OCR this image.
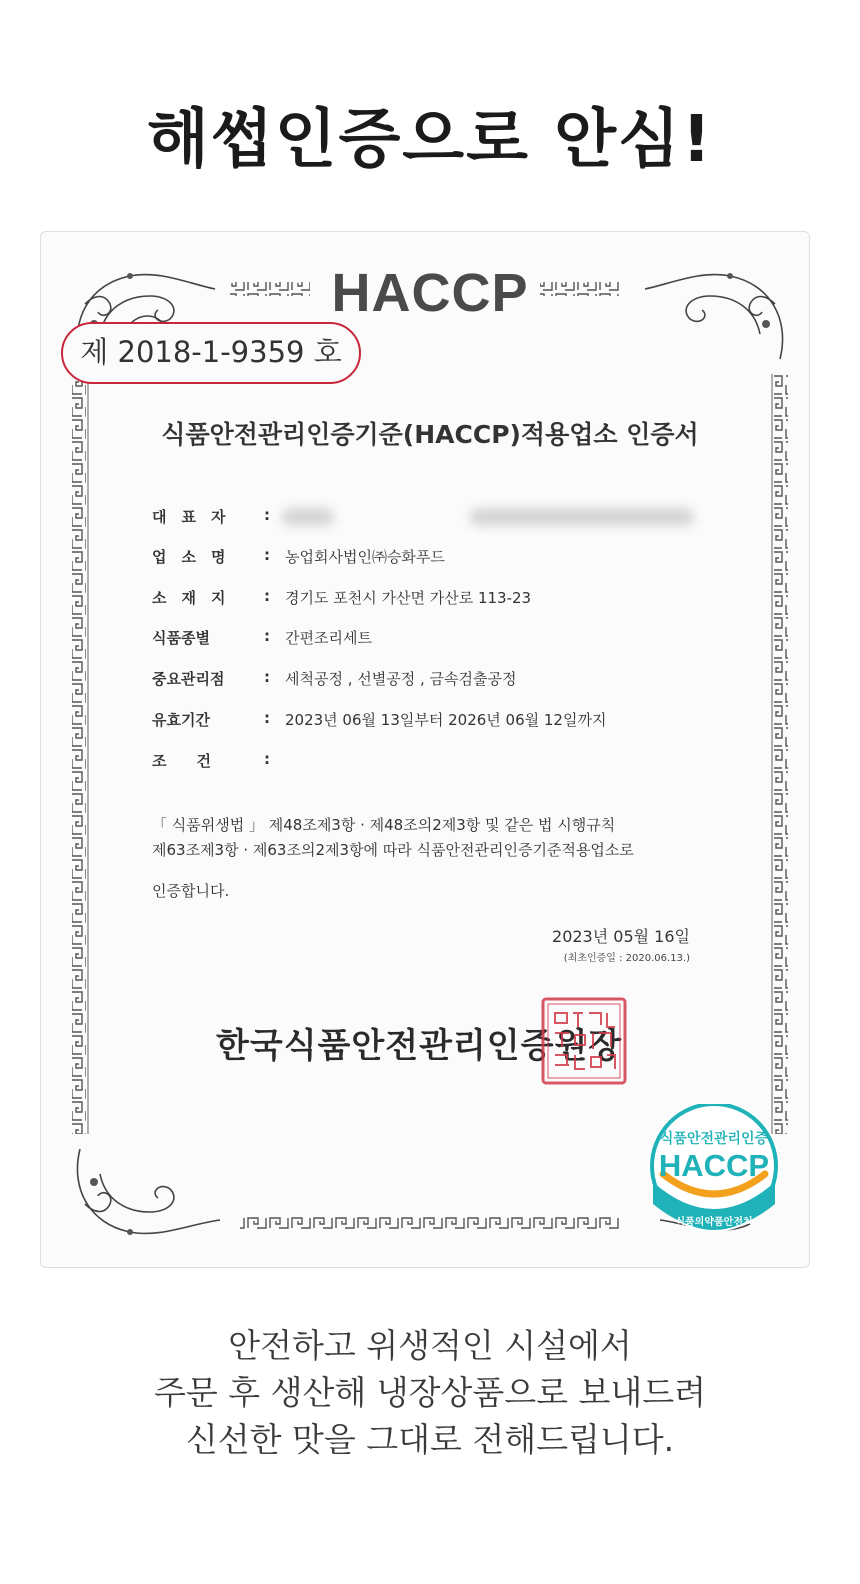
해썹인증으로 안심!
HACCP
제 2018-1-9359 호
식품안전관리인증기준(HACCP)적용업소 인증서
대　표　자	:
업　소　명	: 농업회사법인㈜승화푸드
소　재　지	: 경기도 포천시 가산면 가산로 113-23
식품종별	: 간편조리세트
중요관리점	: 세척공정 , 선별공정 , 금속검출공정
유효기간	: 2023년 06월 13일부터 2026년 06월 12일까지
조　　건	:
「 식품위생법 」 제48조제3항 · 제48조의2제3항 및 같은 법 시행규칙
제63조제3항 · 제63조의2제3항에 따라 식품안전관리인증기준적용업소로
인증합니다.
2023년 05월 16일
(최초인증일 : 2020.06.13.)
한국식품안전관리인증원장
식품안전관리인증
HACCP
식품의약품안전처
안전하고 위생적인 시설에서
주문 후 생산해 냉장상품으로 보내드려
신선한 맛을 그대로 전해드립니다.
